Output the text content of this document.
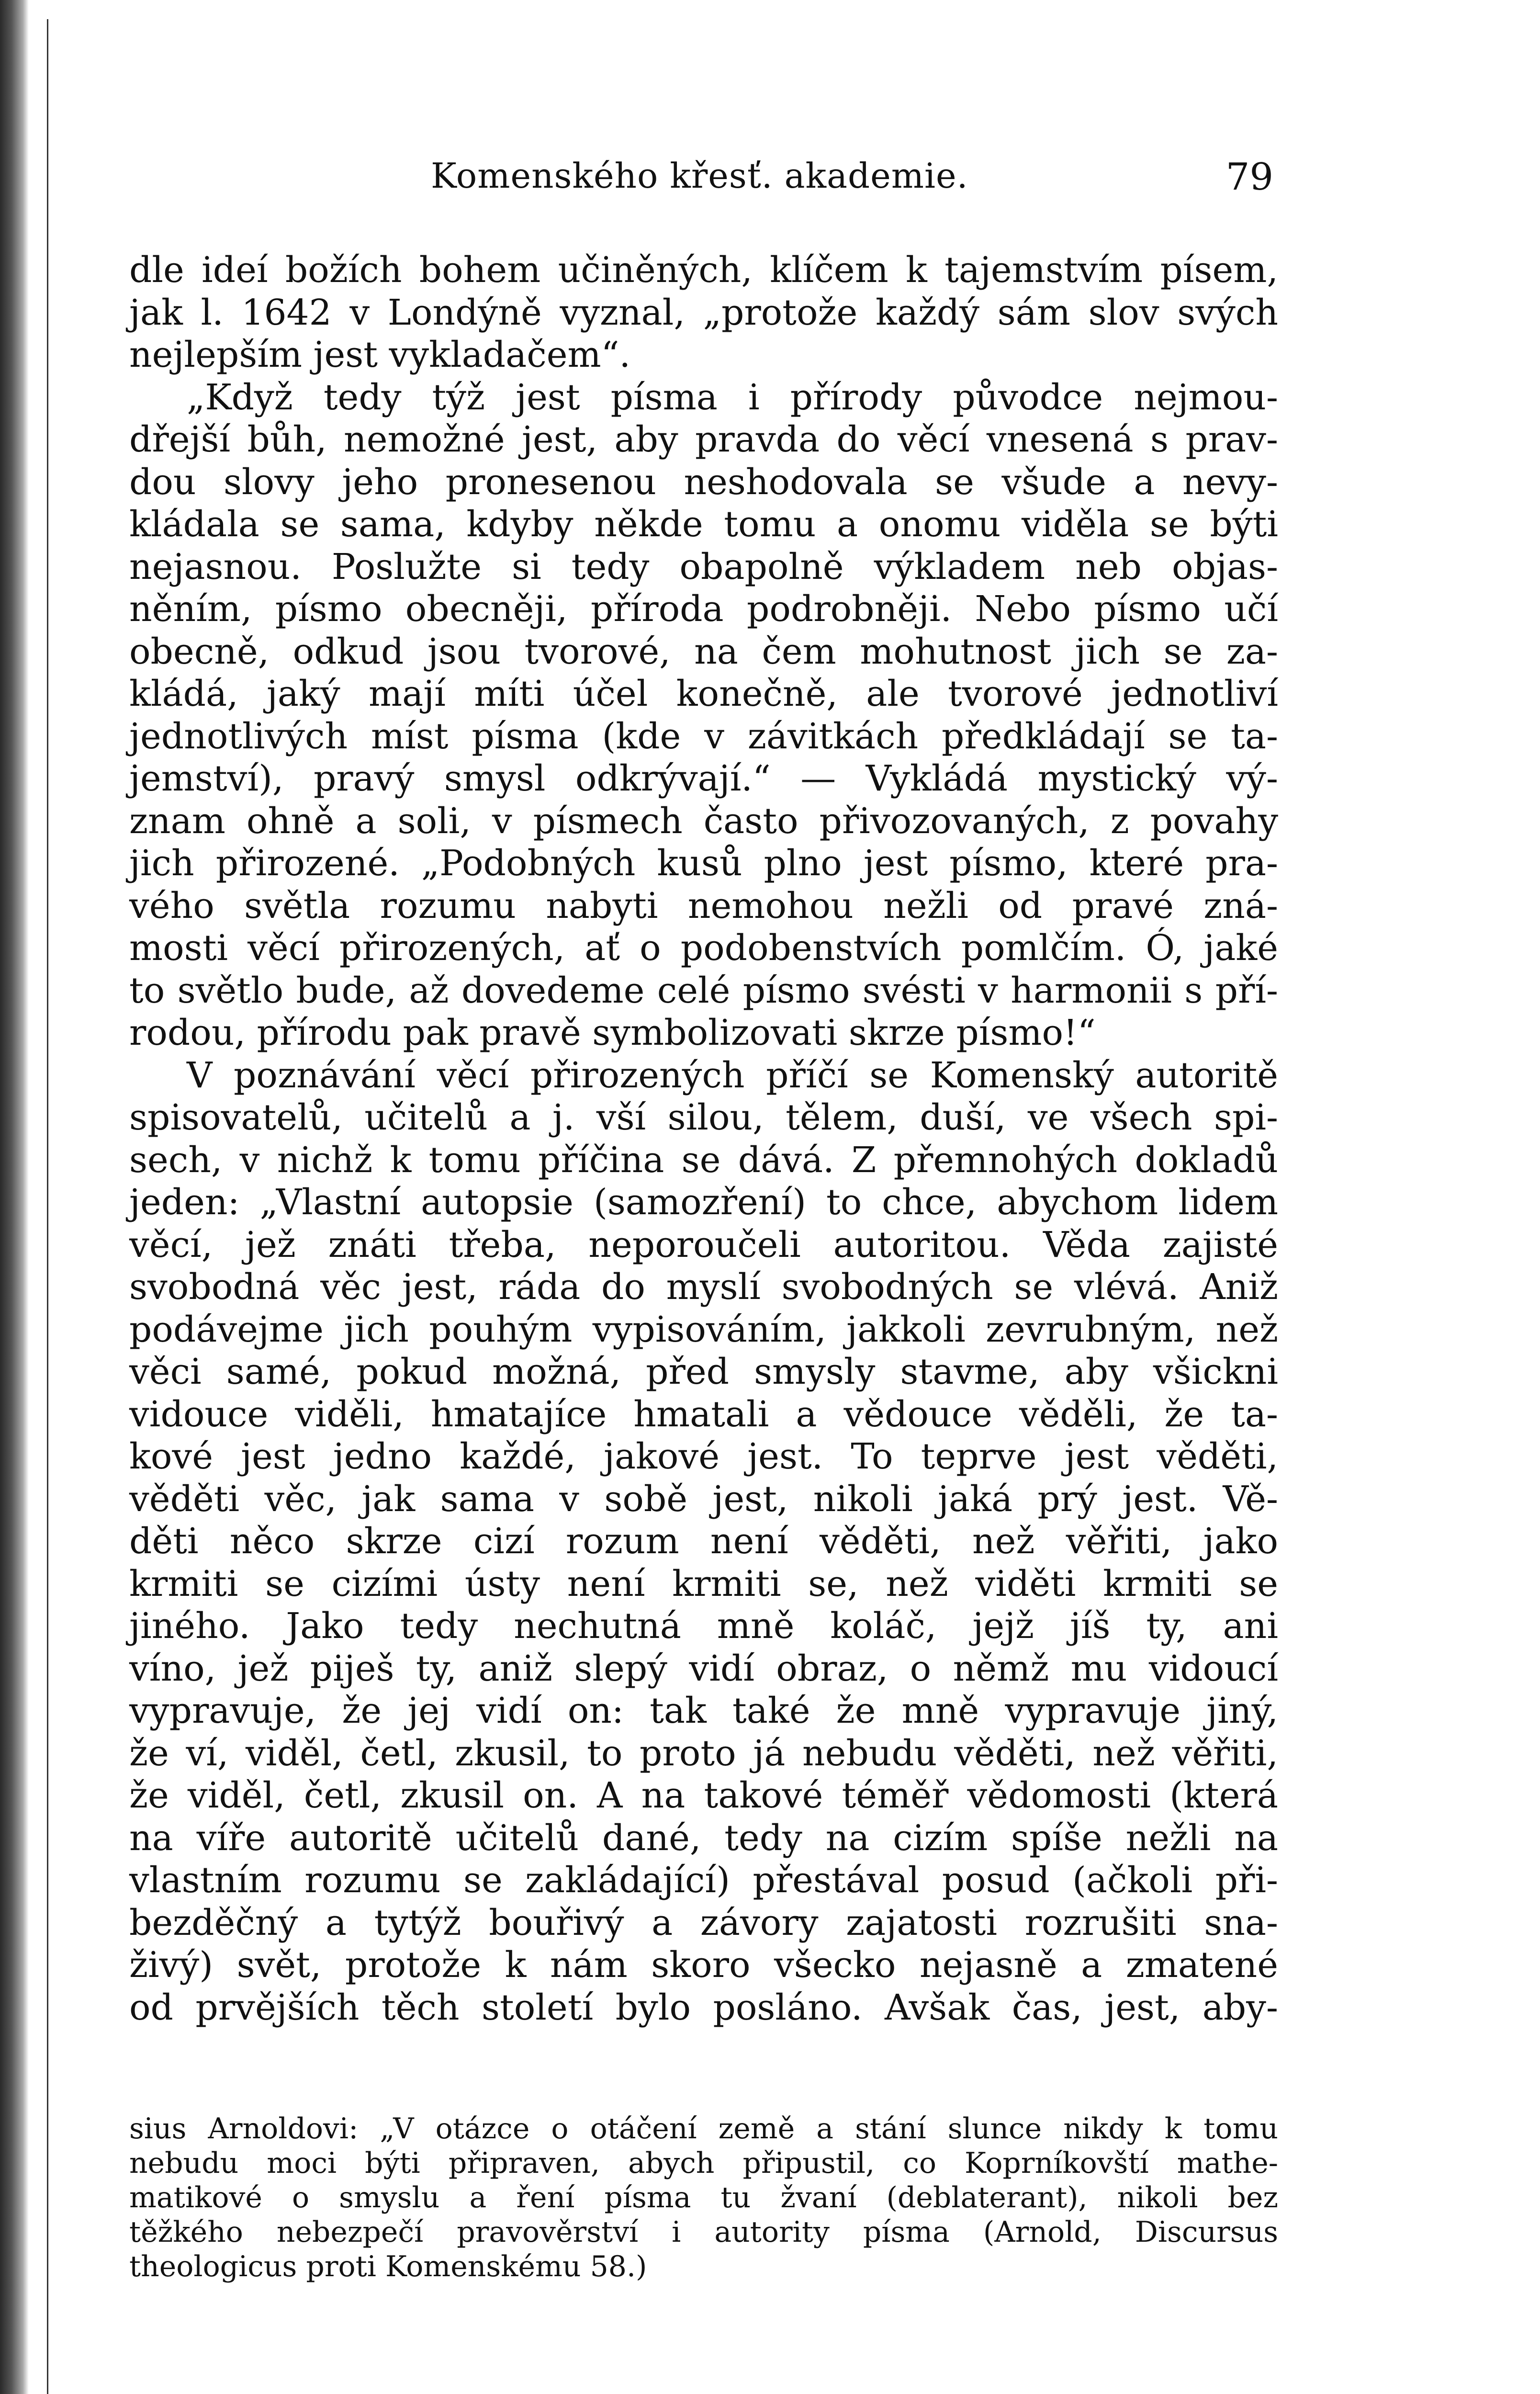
Komenského křesť. akademie.	79
dle ideí božích bohem učiněných, klíčem k tajemstvím písem,
jak l. 1642 v Londýně vyznal, „protože každý sám slov svých
nejlepším jest vykladačem“.
„Když tedy týž jest písma i přírody původce nejmou-
dřejší bůh, nemožné jest, aby pravda do věcí vnesená s prav-
dou slovy jeho pronesenou neshodovala se všude a nevy-
kládala se sama, kdyby někde tomu a onomu viděla se býti
nejasnou. Poslužte si tedy obapolně výkladem neb objas-
něním, písmo obecněji, příroda podrobněji. Nebo písmo učí
obecně, odkud jsou tvorové, na čem mohutnost jich se za-
kládá, jaký mají míti účel konečně, ale tvorové jednotliví
jednotlivých míst písma (kde v závitkách předkládají se ta-
jemství), pravý smysl odkrývají.“ — Vykládá mystický vý-
znam ohně a soli, v písmech často přivozovaných, z povahy
jich přirozené. „Podobných kusů plno jest písmo, které pra-
vého světla rozumu nabyti nemohou nežli od pravé zná-
mosti věcí přirozených, ať o podobenstvích pomlčím. Ó, jaké
to světlo bude, až dovedeme celé písmo svésti v harmonii s pří-
rodou, přírodu pak pravě symbolizovati skrze písmo!“
V poznávání věcí přirozených příčí se Komenský autoritě
spisovatelů, učitelů a j. vší silou, tělem, duší, ve všech spi-
sech, v nichž k tomu příčina se dává. Z přemnohých dokladů
jeden: „Vlastní autopsie (samozření) to chce, abychom lidem
věcí, jež znáti třeba, neporoučeli autoritou. Věda zajisté
svobodná věc jest, ráda do myslí svobodných se vlévá. Aniž
podávejme jich pouhým vypisováním, jakkoli zevrubným, než
věci samé, pokud možná, před smysly stavme, aby všickni
vidouce viděli, hmatajíce hmatali a vědouce věděli, že ta-
kové jest jedno každé, jakové jest. To teprve jest věděti,
věděti věc, jak sama v sobě jest, nikoli jaká prý jest. Vě-
děti něco skrze cizí rozum není věděti, než věřiti, jako
krmiti se cizími ústy není krmiti se, než viděti krmiti se
jiného. Jako tedy nechutná mně koláč, jejž jíš ty, ani
víno, jež piješ ty, aniž slepý vidí obraz, o němž mu vidoucí
vypravuje, že jej vidí on: tak také že mně vypravuje jiný,
že ví, viděl, četl, zkusil, to proto já nebudu věděti, než věřiti,
že viděl, četl, zkusil on. A na takové téměř vědomosti (která
na víře autoritě učitelů dané, tedy na cizím spíše nežli na
vlastním rozumu se zakládající) přestával posud (ačkoli při-
bezděčný a tytýž bouřivý a závory zajatosti rozrušiti sna-
živý) svět, protože k nám skoro všecko nejasně a zmatené
od prvějších těch století bylo posláno. Avšak čas, jest, aby-
sius Arnoldovi: „V otázce o otáčení země a stání slunce nikdy k tomu
nebudu moci býti připraven, abych připustil, co Koprníkovští mathe-
matikové o smyslu a ření písma tu žvaní (deblaterant), nikoli bez
těžkého nebezpečí pravověrství i autority písma (Arnold, Discursus
theologicus proti Komenskému 58.)
